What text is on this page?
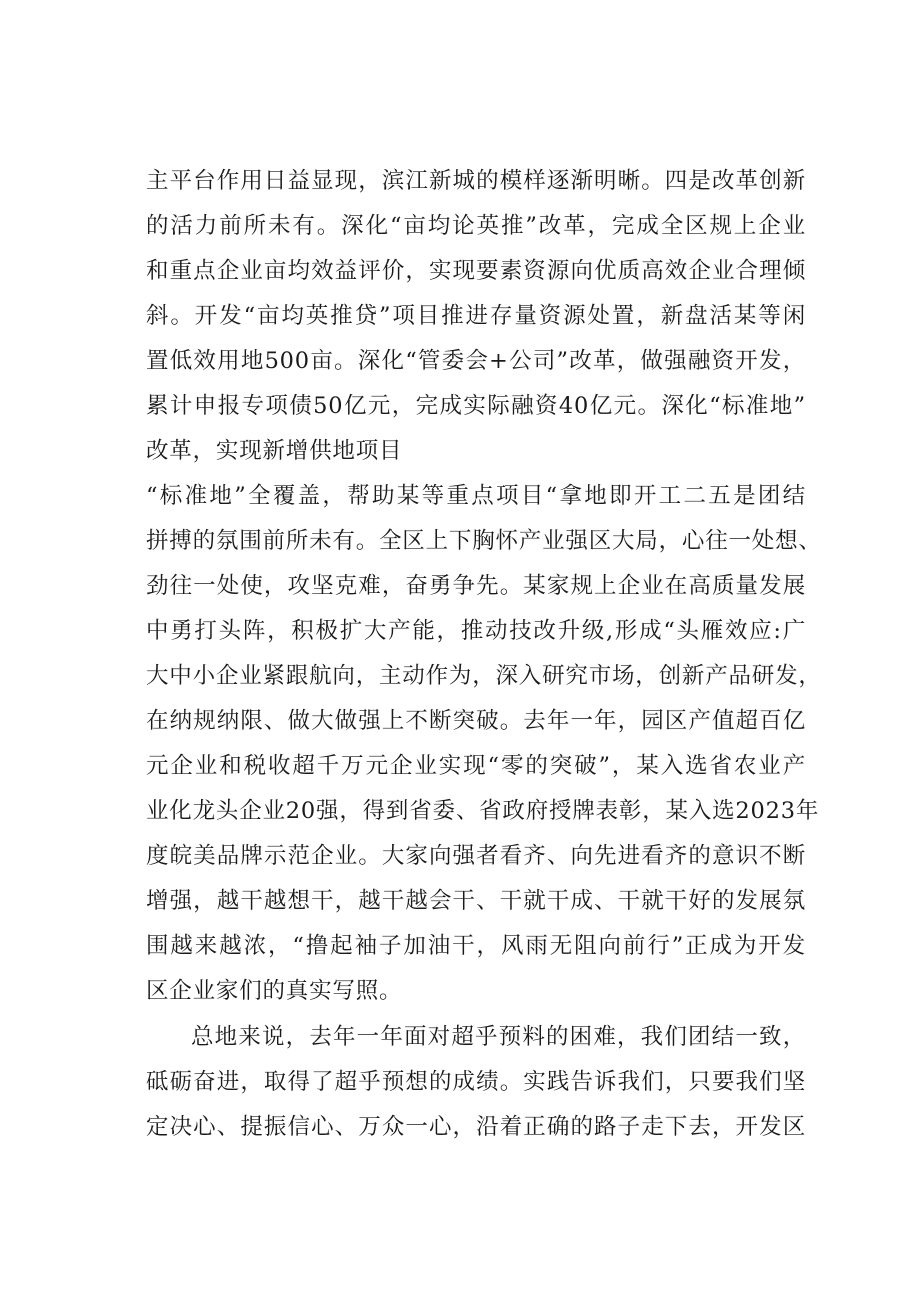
主平台作用日益显现，滨江新城的模样逐渐明晰。四是改革创新
的活力前所未有。深化“亩均论英推”改革，完成全区规上企业
和重点企业亩均效益评价，实现要素资源向优质高效企业合理倾
斜。开发“亩均英推贷”项目推进存量资源处置，新盘活某等闲
置低效用地500亩。深化“管委会+公司”改革，做强融资开发，
累计申报专项债50亿元，完成实际融资40亿元。深化“标准地”
改革，实现新增供地项目
“标准地”全覆盖，帮助某等重点项目“拿地即开工二五是团结
拼搏的氛围前所未有。全区上下胸怀产业强区大局，心往一处想、
劲往一处使，攻坚克难，奋勇争先。某家规上企业在高质量发展
中勇打头阵，积极扩大产能，推动技改升级,形成“头雁效应:广
大中小企业紧跟航向，主动作为，深入研究市场，创新产品研发，
在纳规纳限、做大做强上不断突破。去年一年，园区产值超百亿
元企业和税收超千万元企业实现“零的突破”，某入选省农业产
业化龙头企业20强，得到省委、省政府授牌表彰，某入选2023年
度皖美品牌示范企业。大家向强者看齐、向先进看齐的意识不断
增强，越干越想干，越干越会干、干就干成、干就干好的发展氛
围越来越浓，“撸起袖子加油干，风雨无阻向前行”正成为开发
区企业家们的真实写照。
总地来说，去年一年面对超乎预料的困难，我们团结一致，
砥砺奋进，取得了超乎预想的成绩。实践告诉我们，只要我们坚
定决心、提振信心、万众一心，沿着正确的路子走下去，开发区
